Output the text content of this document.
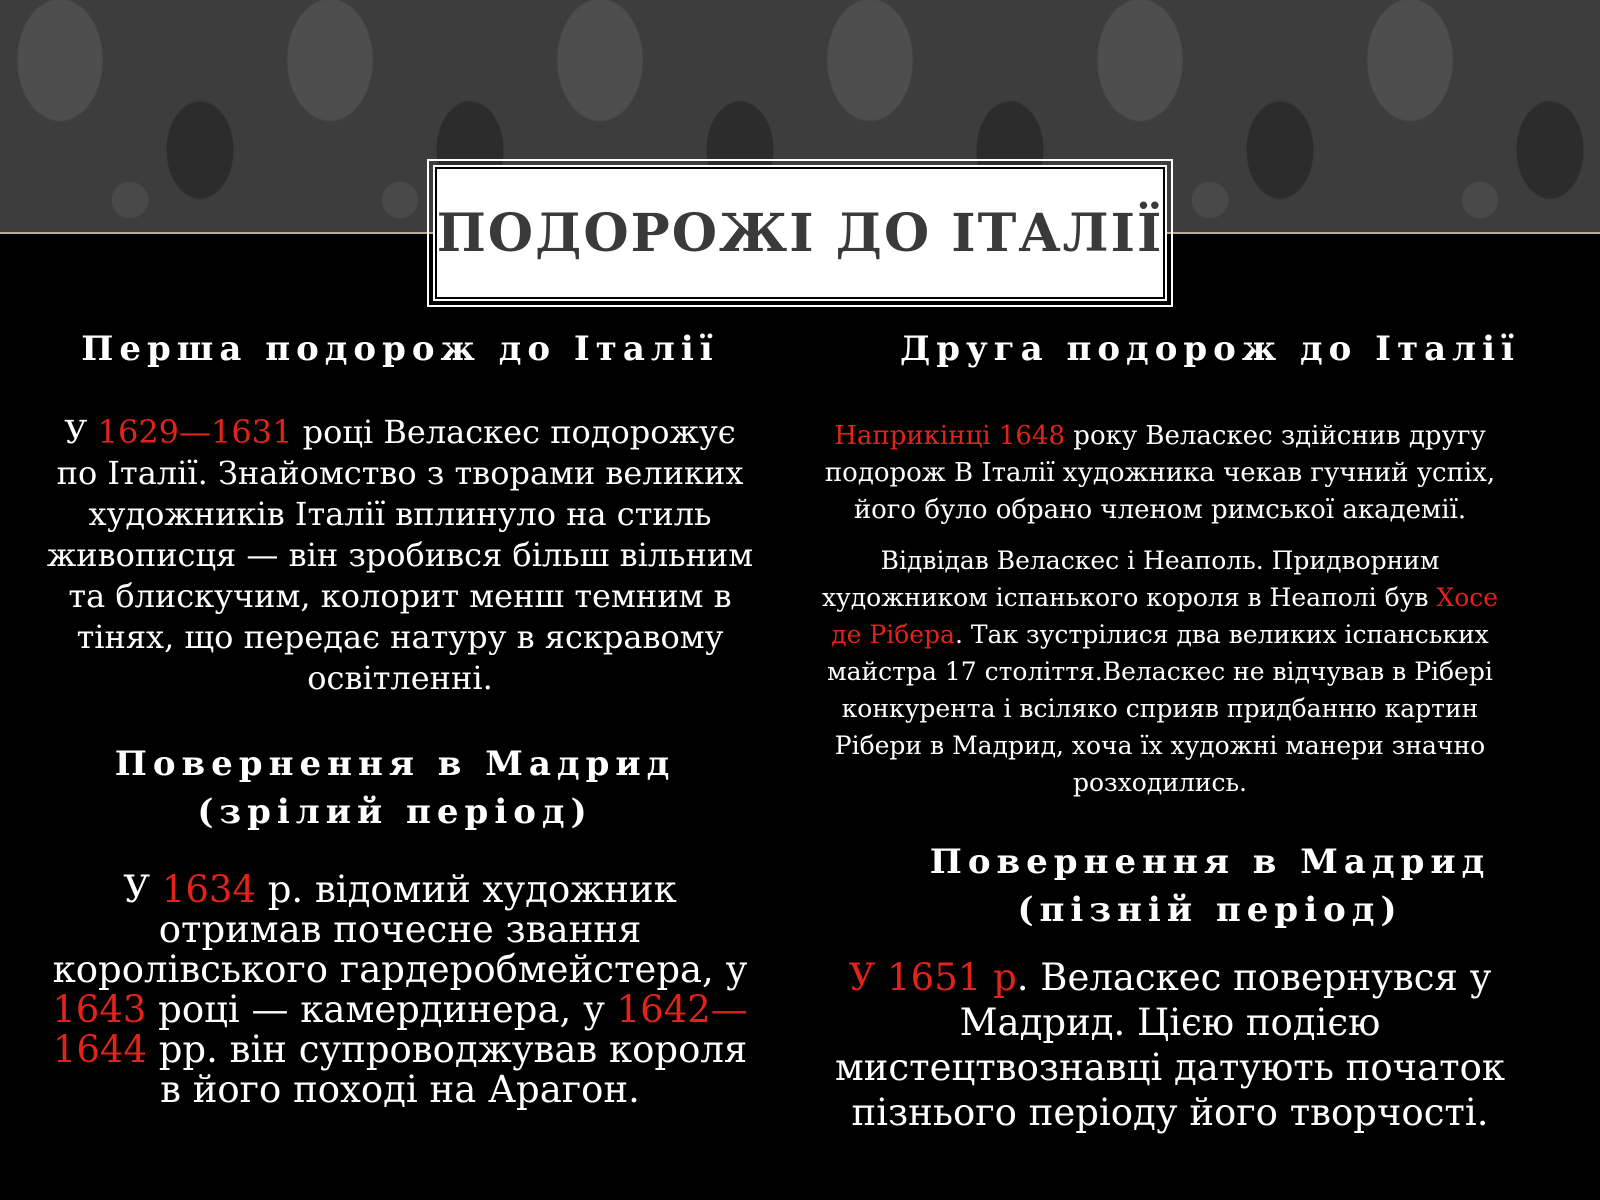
ПОДОРОЖІ ДО ІТАЛІЇ
Перша подорож до Італії
У 1629—1631 році Веласкес подорожує по Італії. Знайомство з творами великих художників Італії вплинуло на стиль живописця — він зробився більш вільним та блискучим, колорит менш темним в тінях, що передає натуру в яскравому освітленні.
Повернення в Мадрид (зрілий період)
У 1634 р. відомий художник отримав почесне звання королівського гардеробмейстера, у 1643 році — камердинера, у 1642—1644 рр. він супроводжував короля в його походi на Арагон.
Друга подорож до Італії
Наприкінці 1648 року Веласкес здійснив другу подорож В Італії художника чекав гучний успіх, його було обрано членом римської академії.
Відвідав Веласкес і Неаполь. Придворним художником іспанького короля в Неаполі був Хосе де Рібера. Так зустрілися два великих іспанських майстра 17 століття.Веласкес не відчував в Рібері конкурента і всіляко сприяв придбанню картин Рібери в Мадрид, хоча їх художні манери значно розходились.
Повернення в Мадрид (пізній період)
У 1651 р. Веласкес повернувся у Мадрид. Цією подією мистецтвознавці датують початок пізнього періоду його творчості.
